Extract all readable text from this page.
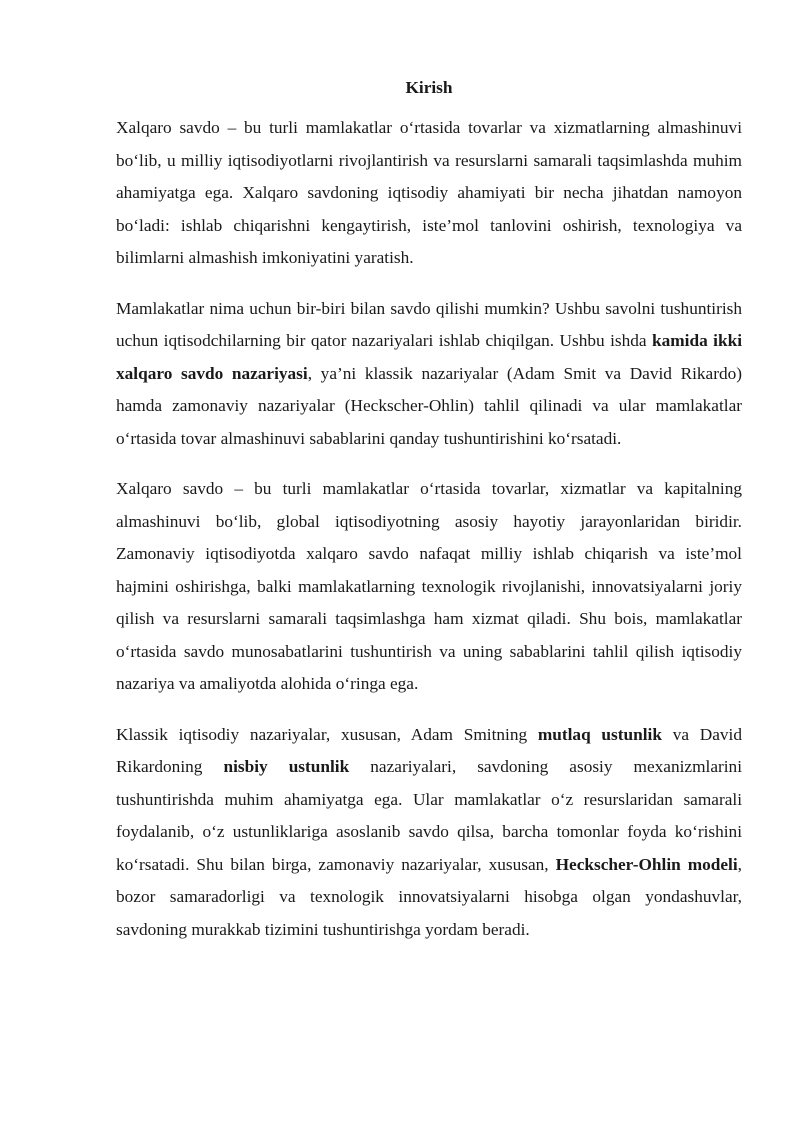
Kirish

Xalqaro savdo – bu turli mamlakatlar o‘rtasida tovarlar va xizmatlarning almashinuvi bo‘lib, u milliy iqtisodiyotlarni rivojlantirish va resurslarni samarali taqsimlashda muhim ahamiyatga ega. Xalqaro savdoning iqtisodiy ahamiyati bir necha jihatdan namoyon bo‘ladi: ishlab chiqarishni kengaytirish, iste’mol tanlovini oshirish, texnologiya va bilimlarni almashish imkoniyatini yaratish.

Mamlakatlar nima uchun bir-biri bilan savdo qilishi mumkin? Ushbu savolni tushuntirish uchun iqtisodchilarning bir qator nazariyalari ishlab chiqilgan. Ushbu ishda kamida ikki xalqaro savdo nazariyasi, ya’ni klassik nazariyalar (Adam Smit va David Rikardo) hamda zamonaviy nazariyalar (Heckscher-Ohlin) tahlil qilinadi va ular mamlakatlar o‘rtasida tovar almashinuvi sabablarini qanday tushuntirishini ko‘rsatadi.

Xalqaro savdo – bu turli mamlakatlar o‘rtasida tovarlar, xizmatlar va kapitalning almashinuvi bo‘lib, global iqtisodiyotning asosiy hayotiy jarayonlaridan biridir. Zamonaviy iqtisodiyotda xalqaro savdo nafaqat milliy ishlab chiqarish va iste’mol hajmini oshirishga, balki mamlakatlarning texnologik rivojlanishi, innovatsiyalarni joriy qilish va resurslarni samarali taqsimlashga ham xizmat qiladi. Shu bois, mamlakatlar o‘rtasida savdo munosabatlarini tushuntirish va uning sabablarini tahlil qilish iqtisodiy nazariya va amaliyotda alohida o‘ringa ega.

Klassik iqtisodiy nazariyalar, xususan, Adam Smitning mutlaq ustunlik va David Rikardoning nisbiy ustunlik nazariyalari, savdoning asosiy mexanizmlarini tushuntirishda muhim ahamiyatga ega. Ular mamlakatlar o‘z resurslaridan samarali foydalanib, o‘z ustunliklariga asoslanib savdo qilsa, barcha tomonlar foyda ko‘rishini ko‘rsatadi. Shu bilan birga, zamonaviy nazariyalar, xususan, Heckscher-Ohlin modeli, bozor samaradorligi va texnologik innovatsiyalarni hisobga olgan yondashuvlar, savdoning murakkab tizimini tushuntirishga yordam beradi.
